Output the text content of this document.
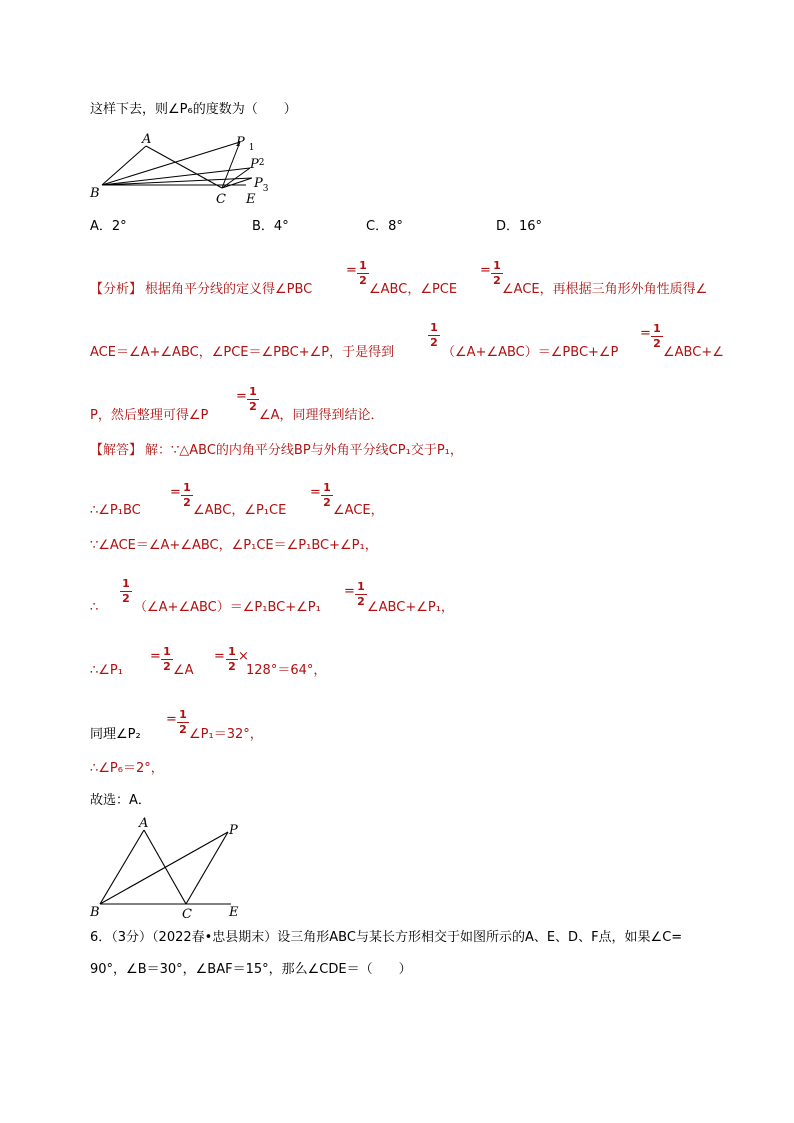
这样下去，则∠P₆的度数为（　　）
A
B	C E
P $_1$
$P^2$
$P_3$
A．2°	B．4°	C．8°	D．16°
【分析】 根据角平分线的定义得∠PBC
= 1
2
∠ABC，∠PCE
= 1
2
∠ACE，再根据三角形外角性质得∠
ACE＝∠A+∠ABC，∠PCE＝∠PBC+∠P，于是得到
1
2
（∠A+∠ABC）＝∠PBC+∠P
= 1
2
∠ABC+∠
P，然后整理可得∠P
= 1
2
∠A，同理得到结论．
【解答】 解：∵△ABC的内角平分线BP与外角平分线CP₁交于P₁，
∴∠P₁BC
= 1
2
∠ABC，∠P₁CE
= 1
2
∠ACE，
∵∠ACE＝∠A+∠ABC，∠P₁CE＝∠P₁BC+∠P₁，
∴
1
2
（∠A+∠ABC）＝∠P₁BC+∠P₁
= 1
2 ∠ABC+∠P₁，
∴∠P₁
= 1
2 ∠A
= 1
2
×
128°＝64°，
同理∠P₂
= 1
2 ∠P₁＝32°，
∴∠P₆＝2°，
故选：A．
A
B	C	E
P
6．（3分）（2022春•忠县期末）设三角形ABC与某长方形相交于如图所示的A、E、D、F点，如果∠C=
90°，∠B＝30°，∠BAF＝15°，那么∠CDE＝（　　）
